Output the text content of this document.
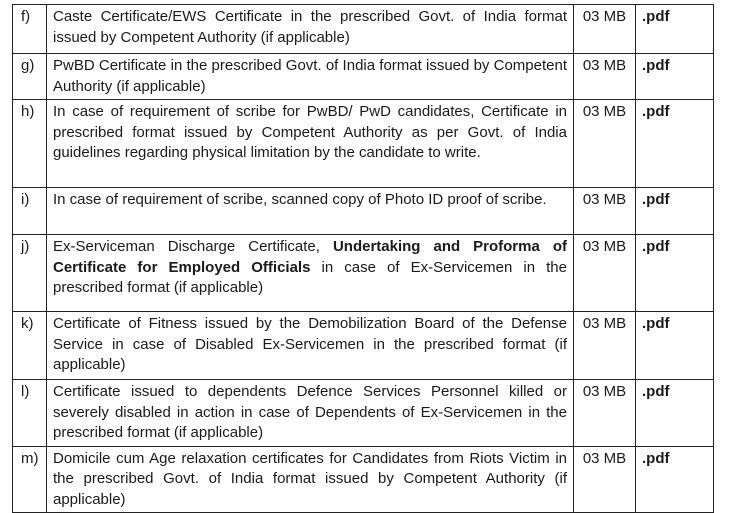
f)	Caste Certificate/EWS Certificate in the prescribed Govt. of India format issued by Competent Authority (if applicable)	03 MB	.pdf
g)	PwBD Certificate in the prescribed Govt. of India format issued by Competent Authority (if applicable)	03 MB	.pdf
h)	In case of requirement of scribe for PwBD/ PwD candidates, Certificate in prescribed format issued by Competent Authority as per Govt. of India guidelines regarding physical limitation by the candidate to write.	03 MB	.pdf
i)	In case of requirement of scribe, scanned copy of Photo ID proof of scribe.	03 MB	.pdf
j)	Ex-Serviceman Discharge Certificate, Undertaking and Proforma of Certificate for Employed Officials in case of Ex-Servicemen in the prescribed format (if applicable)	03 MB	.pdf
k)	Certificate of Fitness issued by the Demobilization Board of the Defense Service in case of Disabled Ex-Servicemen in the prescribed format (if applicable)	03 MB	.pdf
l)	Certificate issued to dependents Defence Services Personnel killed or severely disabled in action in case of Dependents of Ex-Servicemen in the prescribed format (if applicable)	03 MB	.pdf
m)	Domicile cum Age relaxation certificates for Candidates from Riots Victim in the prescribed Govt. of India format issued by Competent Authority (if applicable)	03 MB	.pdf
